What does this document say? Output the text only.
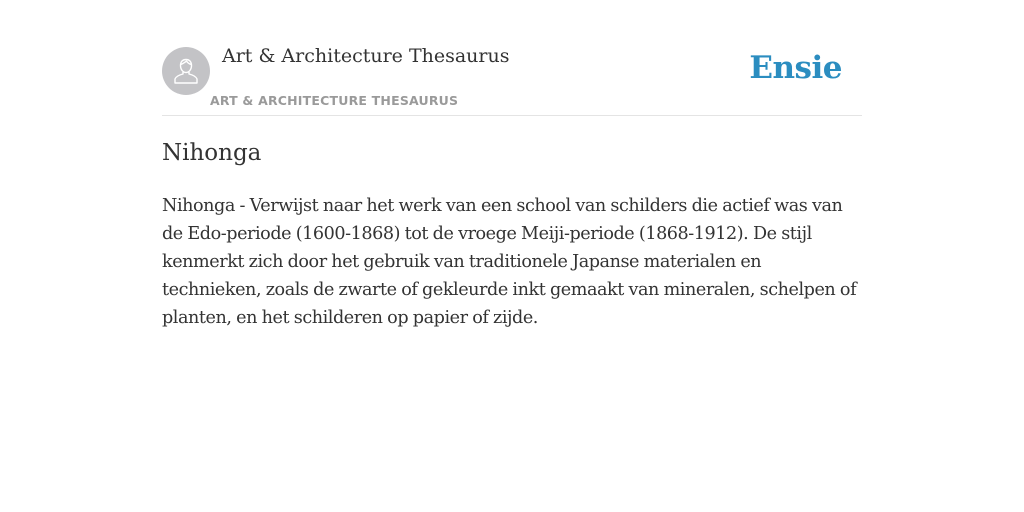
Art & Architecture Thesaurus
ART & ARCHITECTURE THESAURUS
Ensie
Nihonga

Nihonga - Verwijst naar het werk van een school van schilders die actief was van de Edo-periode (1600-1868) tot de vroege Meiji-periode (1868-1912). De stijl kenmerkt zich door het gebruik van traditionele Japanse materialen en technieken, zoals de zwarte of gekleurde inkt gemaakt van mineralen, schelpen of planten, en het schilderen op papier of zijde.
